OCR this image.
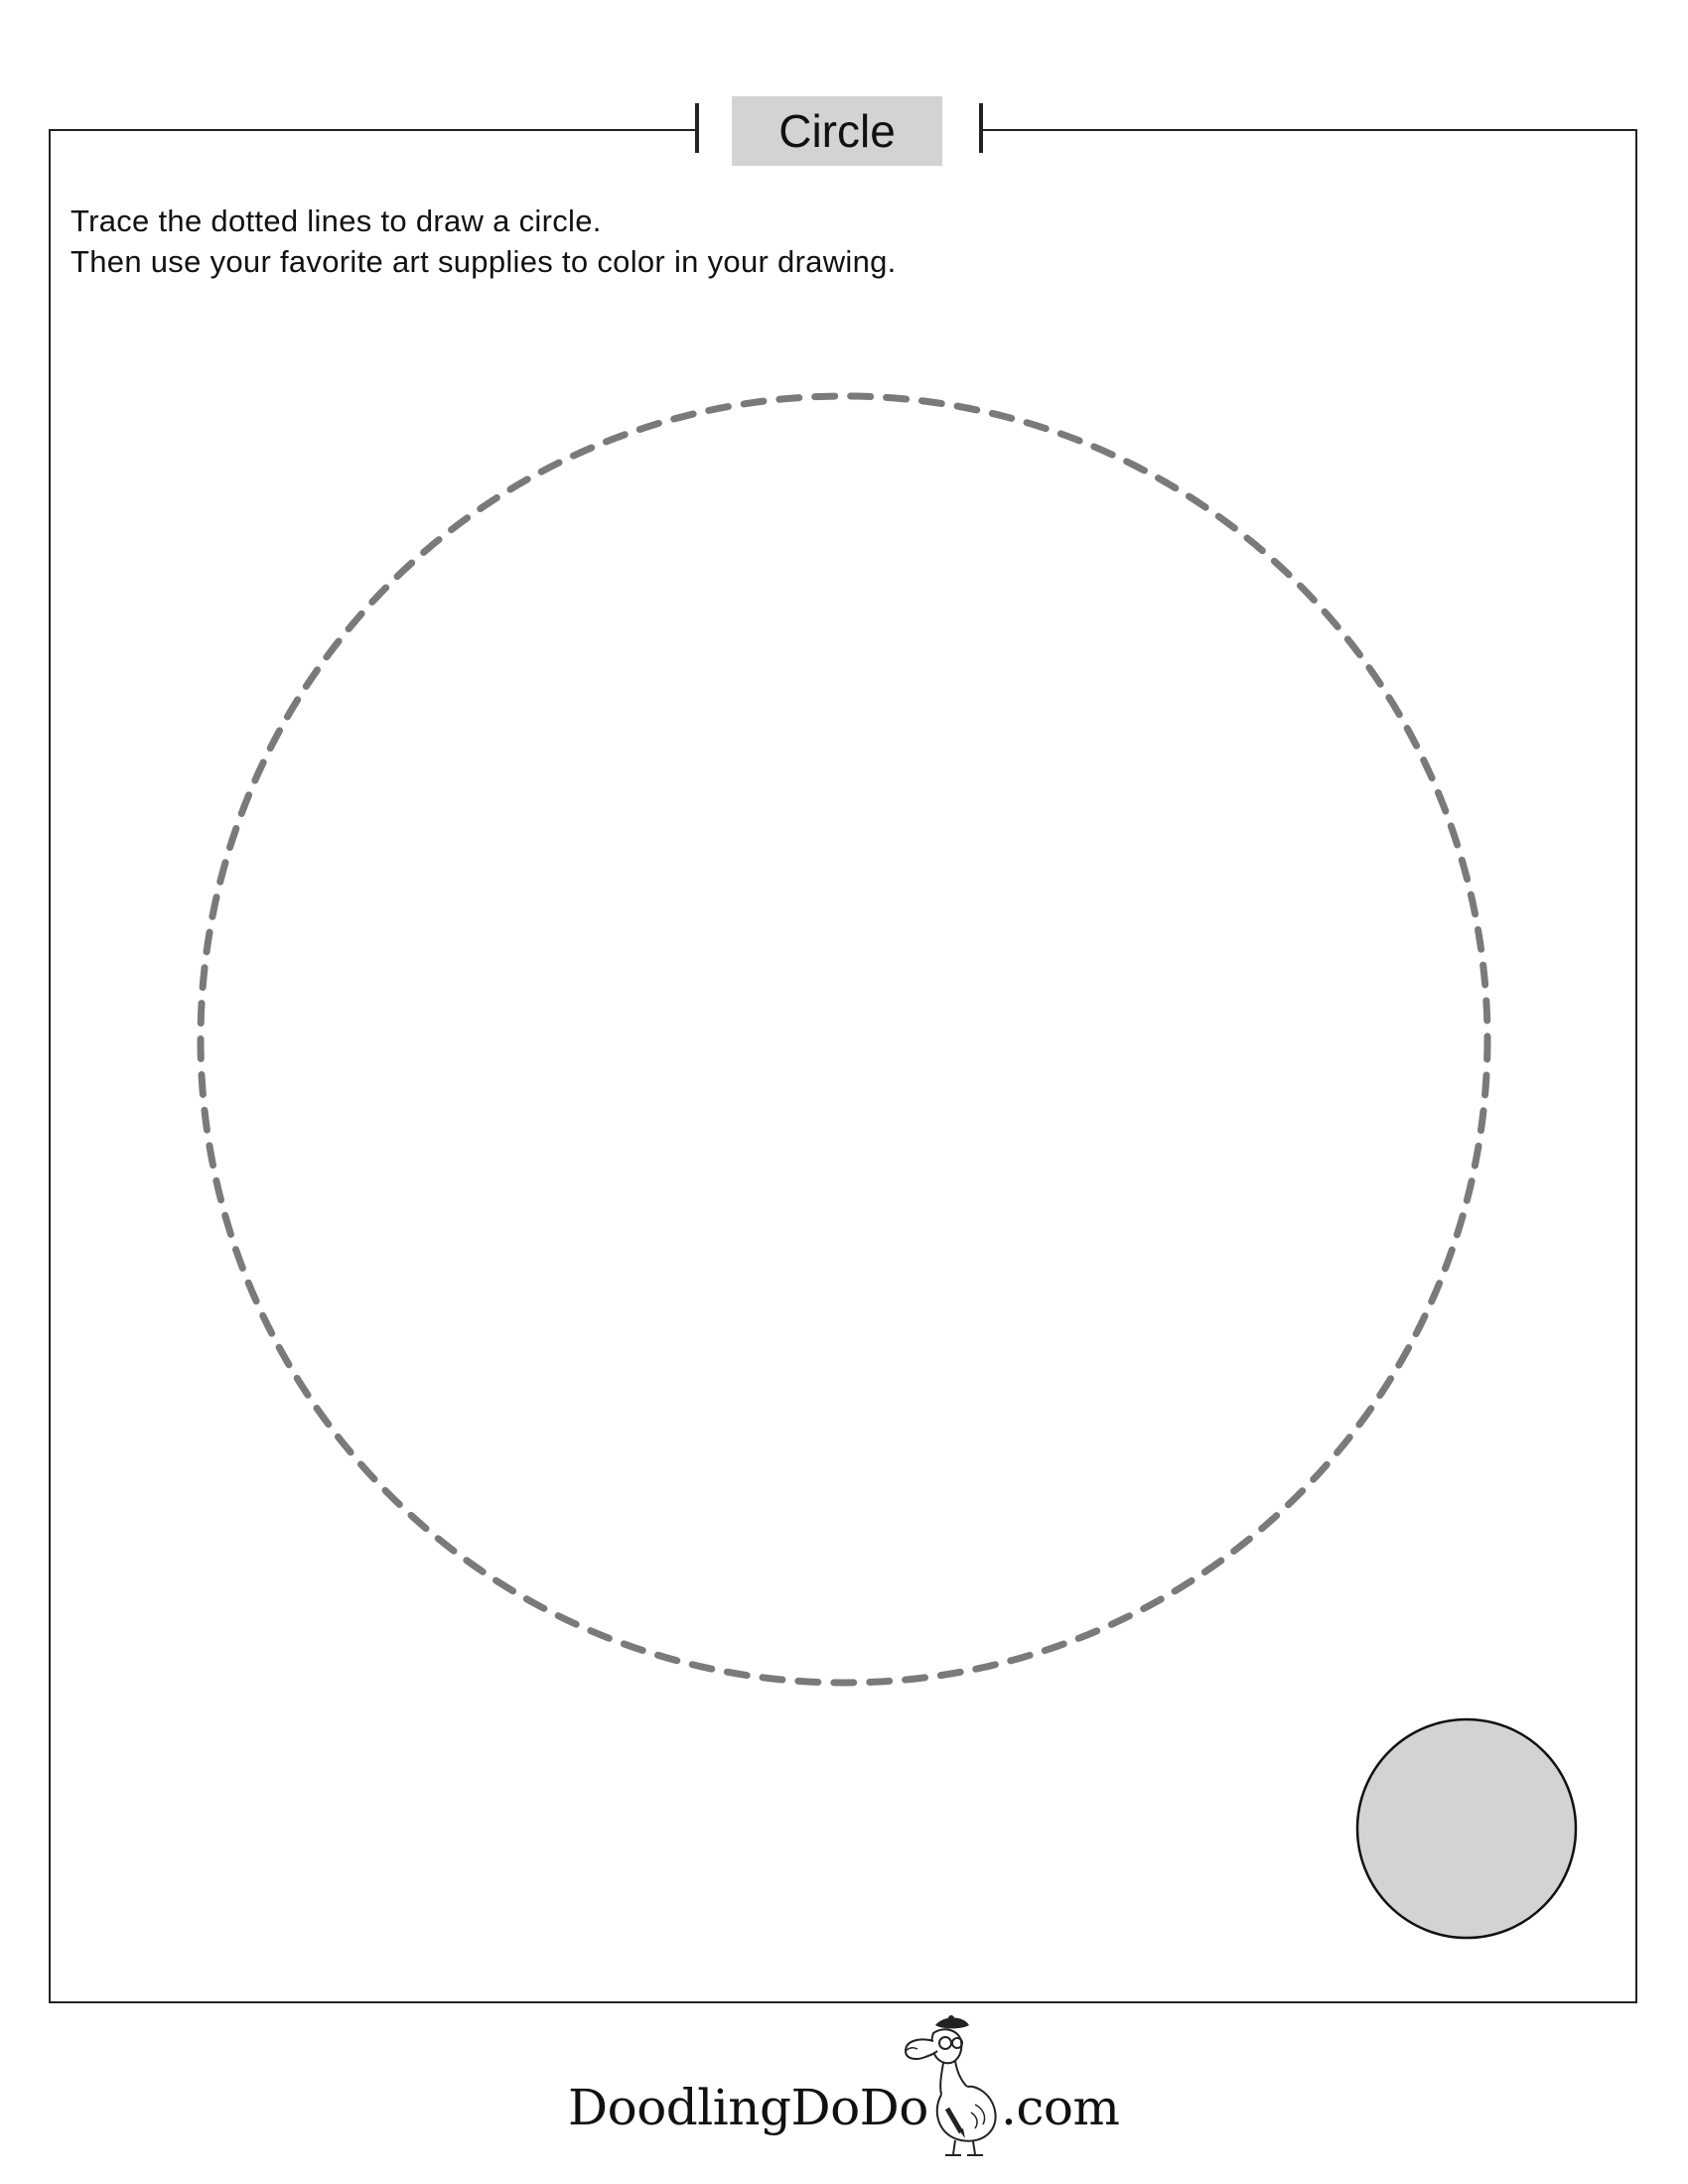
Circle
Trace the dotted lines to draw a circle.
Then use your favorite art supplies to color in your drawing.
DoodlingDoDo .com
